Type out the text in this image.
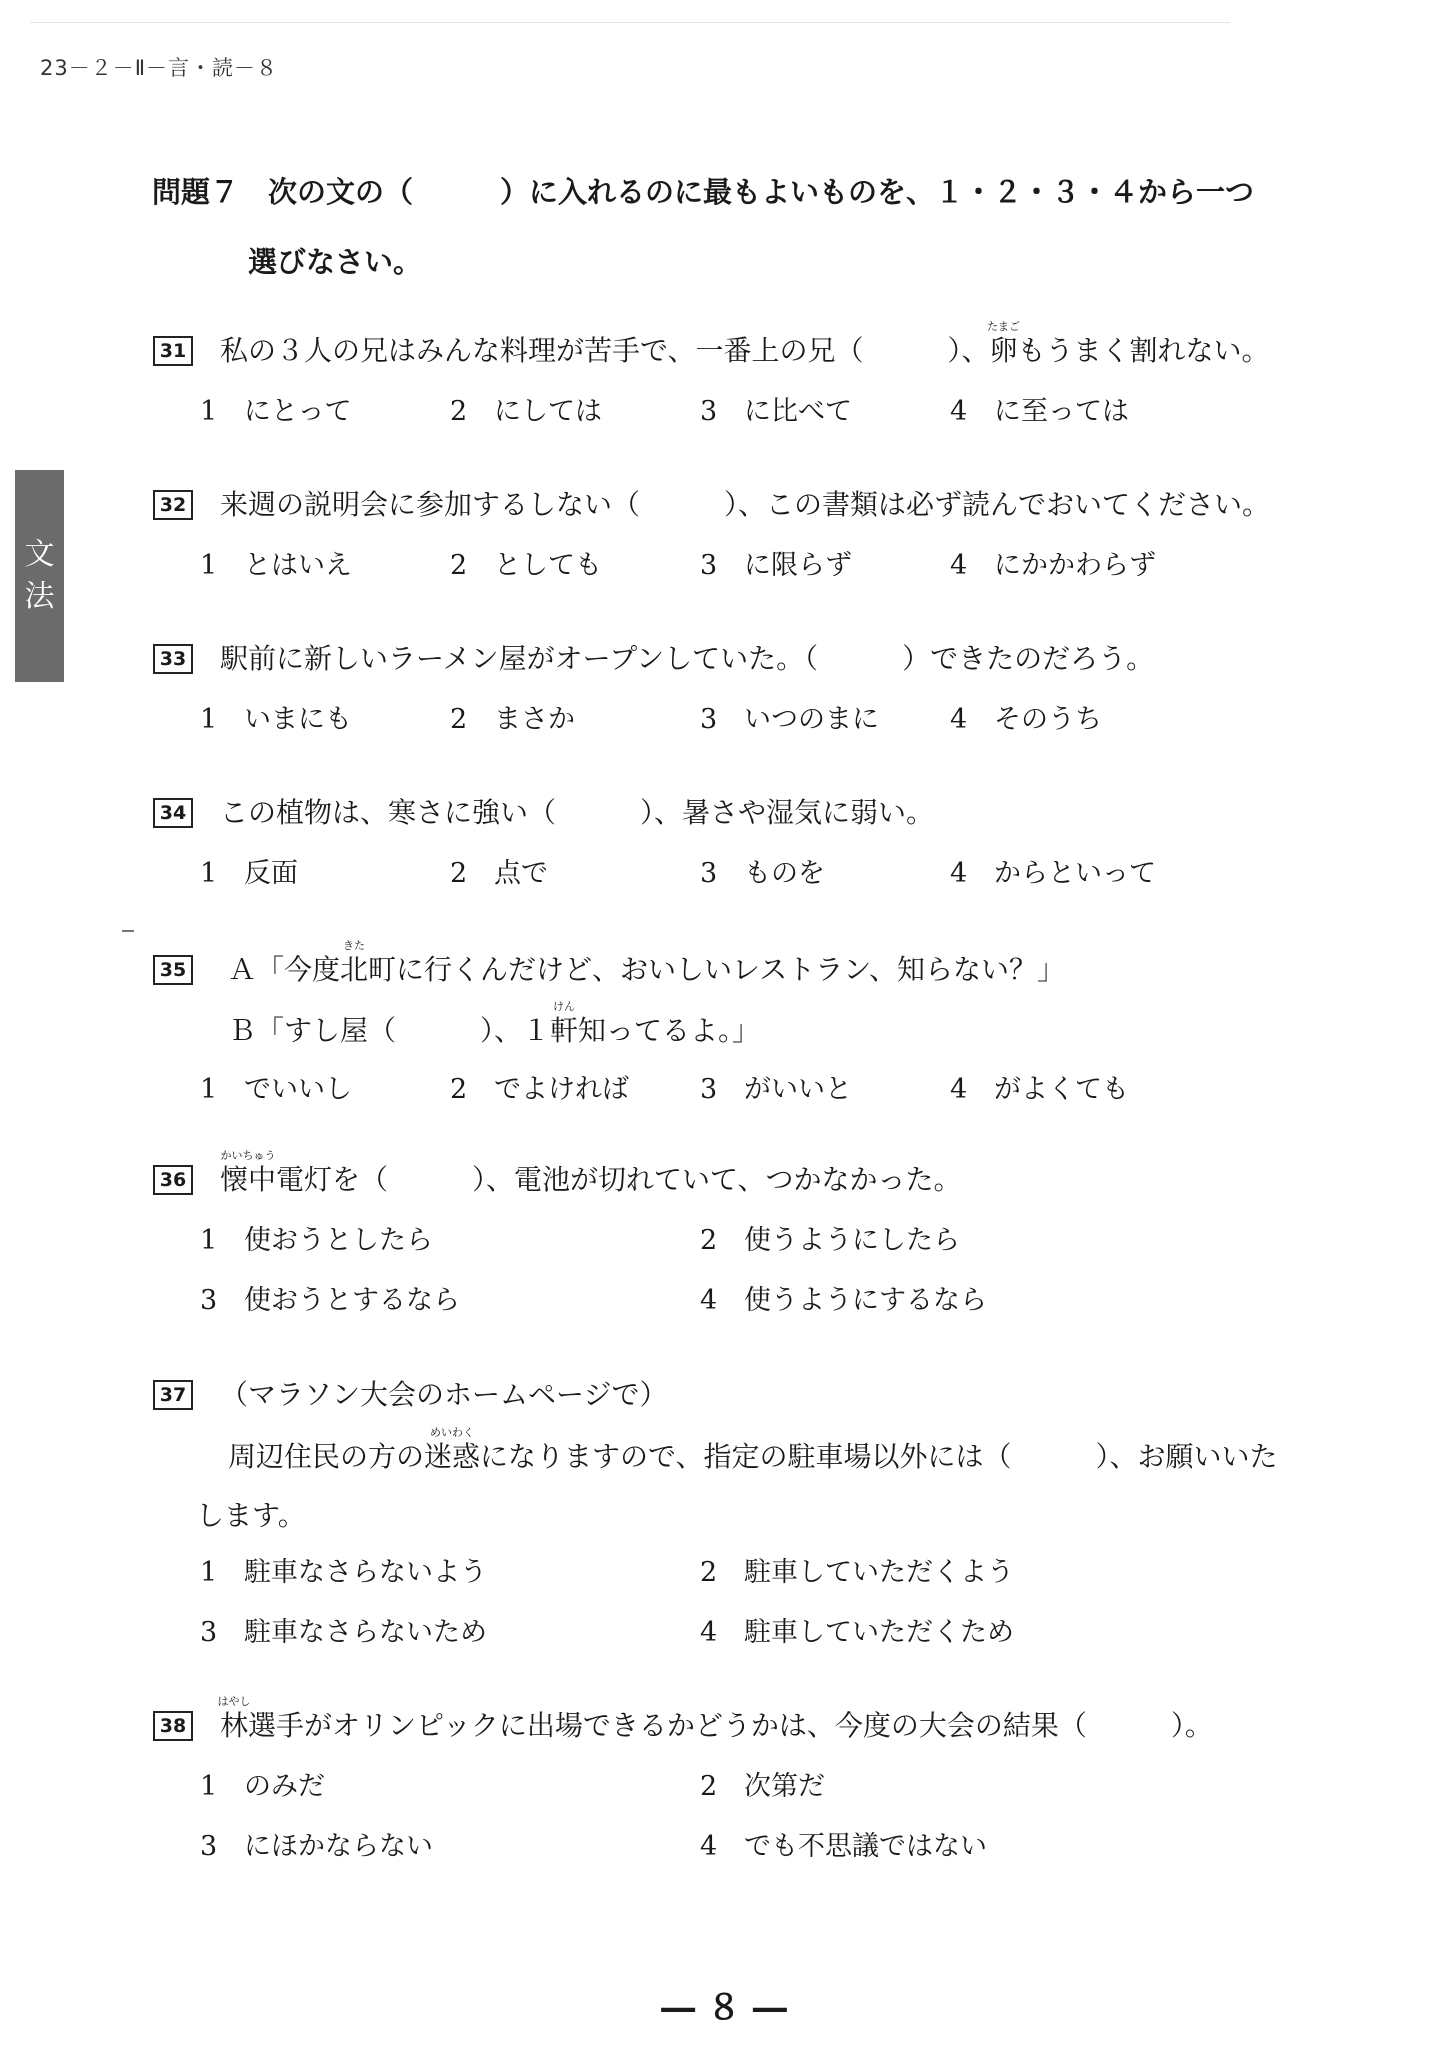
23－２－Ⅱ－言・読－８
文
法
問題７　次の文の（　　　）に入れるのに最もよいものを、１・２・３・４から一つ
選びなさい。
31 私の３人の兄はみんな料理が苦手で、一番上の兄（　　　）、
たまご
卵もうまく割れない。
1 にとって	2 にしては	3 に比べて	4 に至っては
32 来週の説明会に参加するしない（　　　）、この書類は必ず読んでおいてください。
1 とはいえ	2 としても	3 に限らず	4 にかかわらず
33 駅前に新しいラーメン屋がオープンしていた。（　　　）できたのだろう。
1 いまにも	2 まさか	3 いつのまに	4 そのうち
34 この植物は、寒さに強い（　　　）、暑さや湿気に弱い。
1 反面	2 点で	3 ものを	4 からといって
35 Ａ「今度
きた
北町に行くんだけど、おいしいレストラン、知らない？」
Ｂ「すし屋（　　　）、１
けん
軒知ってるよ。」
1 でいいし	2 でよければ	3 がいいと	4 がよくても
36
かいちゅう
懐中電灯を（　　　）、電池が切れていて、つかなかった。
1 使おうとしたら	2 使うようにしたら
3 使おうとするなら	4 使うようにするなら
37 （マラソン大会のホームページで）
周辺住民の方の
めいわく
迷惑になりますので、指定の駐車場以外には（　　　）、お願いいた
します。
1 駐車なさらないよう	2 駐車していただくよう
3 駐車なさらないため	4 駐車していただくため
38
はやし
林選手がオリンピックに出場できるかどうかは、今度の大会の結果（　　　）。
1 のみだ	2 次第だ
3 にほかならない	4 でも不思議ではない
― ８ ―
